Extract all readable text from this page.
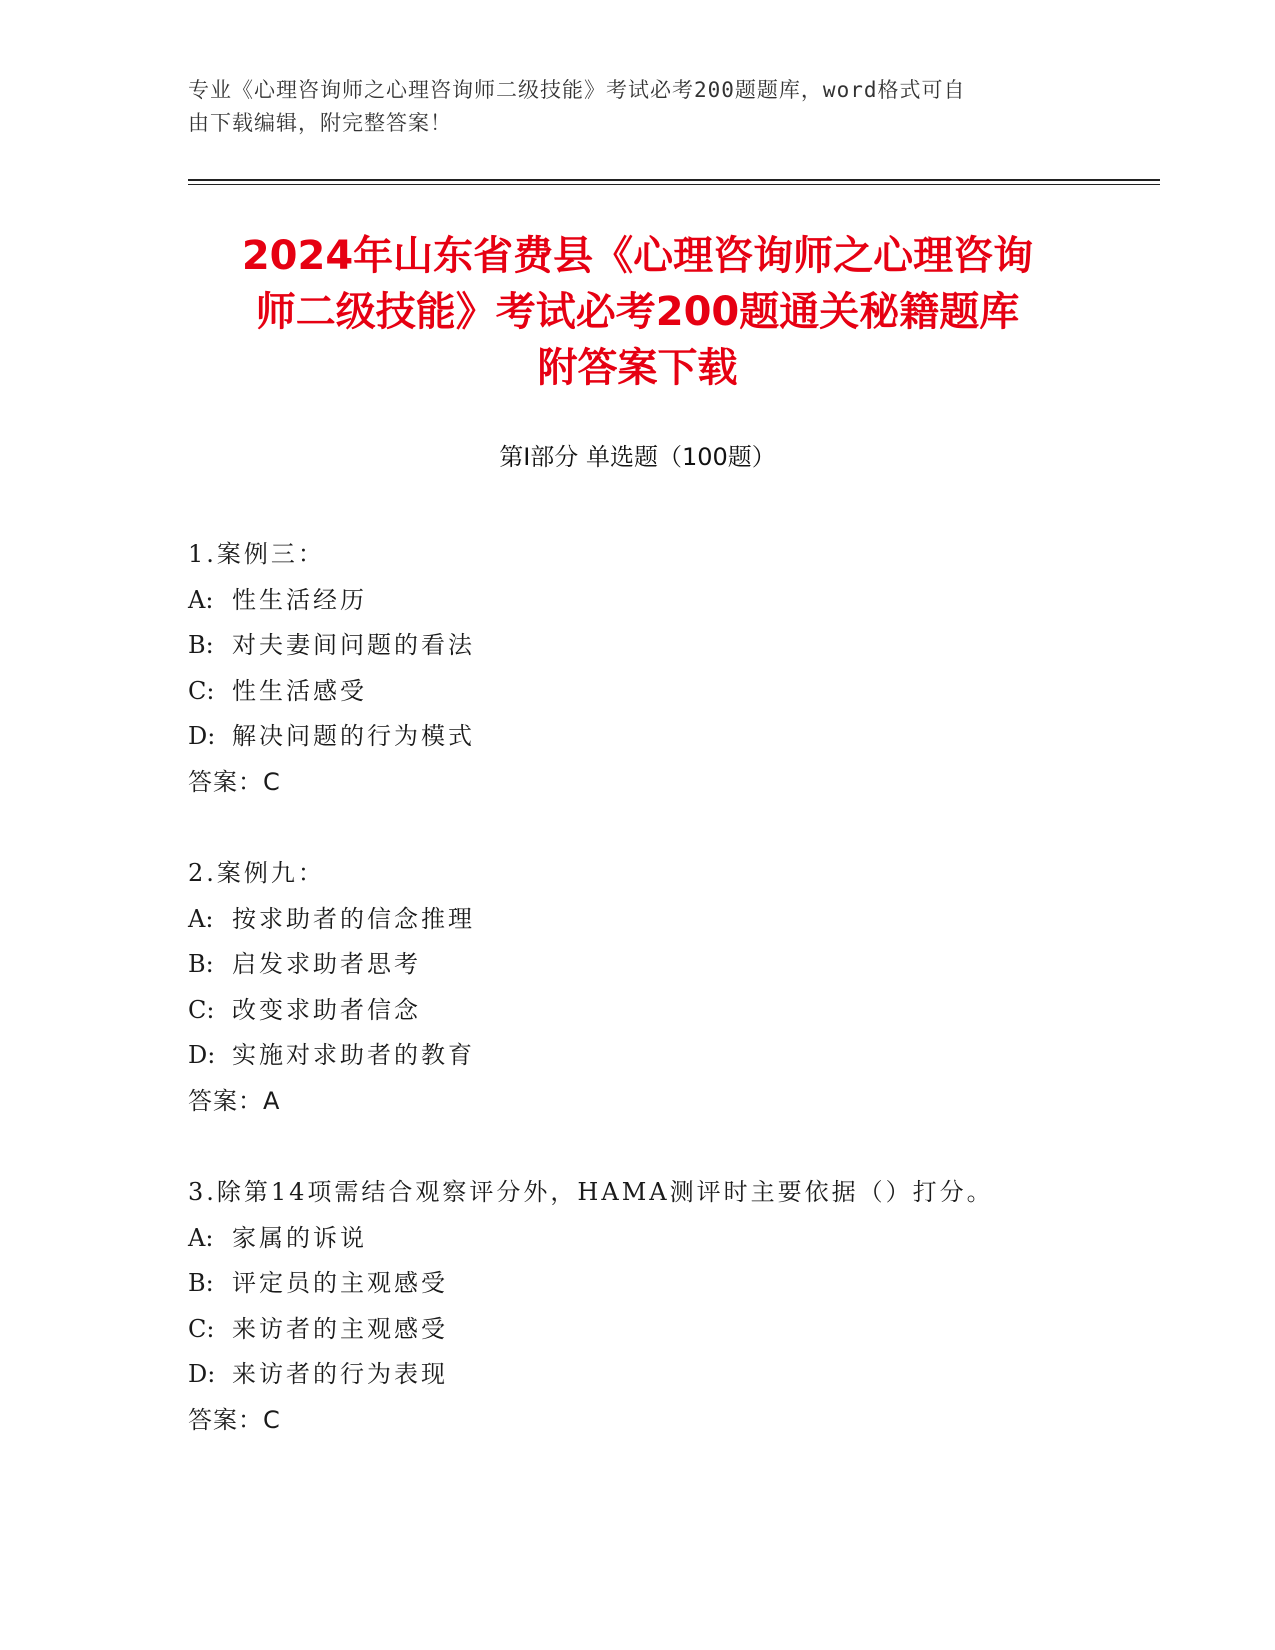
专业《心理咨询师之心理咨询师二级技能》考试必考200题题库，word格式可自
由下载编辑，附完整答案！
2024年山东省费县《心理咨询师之心理咨询
师二级技能》考试必考200题通关秘籍题库
附答案下载
第Ⅰ部分 单选题（100题）
1.案例三：
A: 性生活经历
B: 对夫妻间问题的看法
C: 性生活感受
D: 解决问题的行为模式
答案：C
2.案例九：
A: 按求助者的信念推理
B: 启发求助者思考
C: 改变求助者信念
D: 实施对求助者的教育
答案：A
3.除第14项需结合观察评分外，HAMA测评时主要依据（）打分。
A: 家属的诉说
B: 评定员的主观感受
C: 来访者的主观感受
D: 来访者的行为表现
答案：C
